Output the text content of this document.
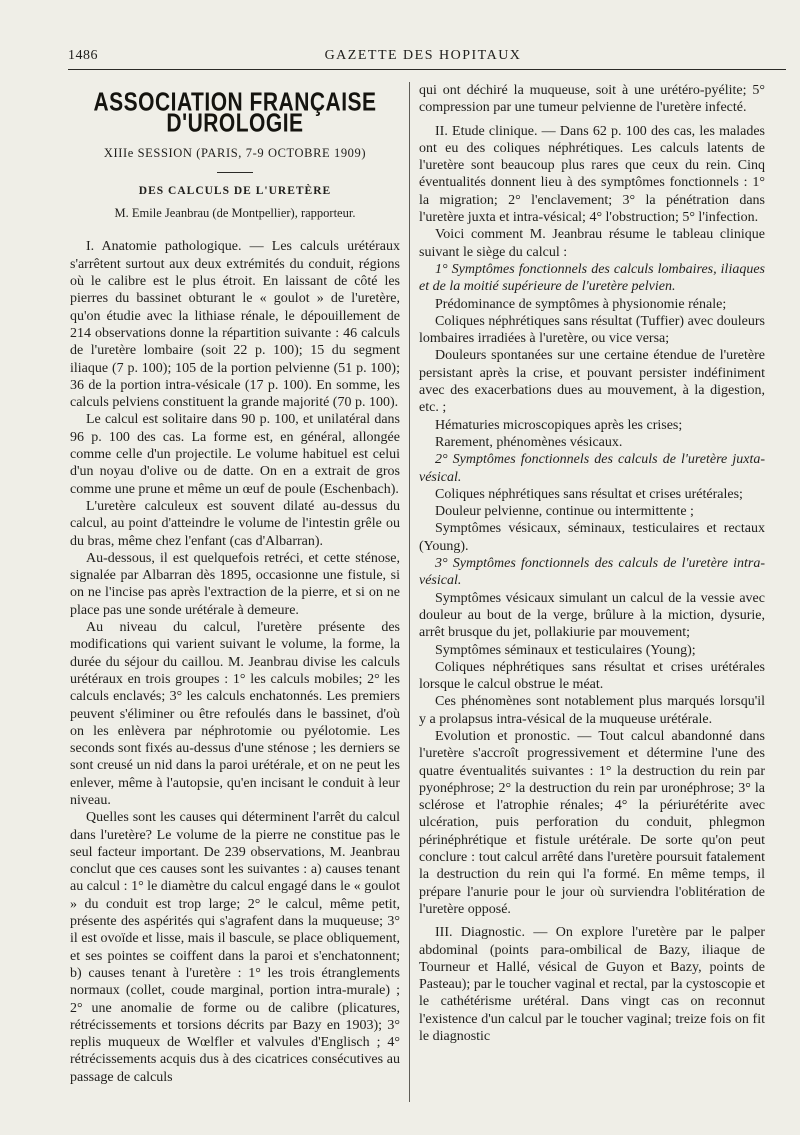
1486	GAZETTE DES HOPITAUX
ASSOCIATION FRANÇAISE D'UROLOGIE
XIIIe SESSION (PARIS, 7-9 OCTOBRE 1909)
DES CALCULS DE L'URETÈRE
M. Emile Jeanbrau (de Montpellier), rapporteur.

I. Anatomie pathologique. — Les calculs urétéraux s'arrêtent surtout aux deux extrémités du conduit, régions où le calibre est le plus étroit. En laissant de côté les pierres du bassinet obturant le « goulot » de l'uretère, qu'on étudie avec la lithiase rénale, le dépouillement de 214 observations donne la répartition suivante : 46 calculs de l'uretère lombaire (soit 22 p. 100); 15 du segment iliaque (7 p. 100); 105 de la portion pelvienne (51 p. 100); 36 de la portion intra-vésicale (17 p. 100). En somme, les calculs pelviens constituent la grande majorité (70 p. 100).

Le calcul est solitaire dans 90 p. 100, et unilatéral dans 96 p. 100 des cas. La forme est, en général, allongée comme celle d'un projectile. Le volume habituel est celui d'un noyau d'olive ou de datte. On en a extrait de gros comme une prune et même un œuf de poule (Eschenbach).

L'uretère calculeux est souvent dilaté au-dessus du calcul, au point d'atteindre le volume de l'intestin grêle ou du bras, même chez l'enfant (cas d'Albarran).

Au-dessous, il est quelquefois retréci, et cette sténose, signalée par Albarran dès 1895, occasionne une fistule, si on ne l'incise pas après l'extraction de la pierre, et si on ne place pas une sonde urétérale à demeure.

Au niveau du calcul, l'uretère présente des modifications qui varient suivant le volume, la forme, la durée du séjour du caillou. M. Jeanbrau divise les calculs urétéraux en trois groupes : 1° les calculs mobiles; 2° les calculs enclavés; 3° les calculs enchatonnés. Les premiers peuvent s'éliminer ou être refoulés dans le bassinet, d'où on les enlèvera par néphrotomie ou pyélotomie. Les seconds sont fixés au-dessus d'une sténose ; les derniers se sont creusé un nid dans la paroi urétérale, et on ne peut les enlever, même à l'autopsie, qu'en incisant le conduit à leur niveau.

Quelles sont les causes qui déterminent l'arrêt du calcul dans l'uretère? Le volume de la pierre ne constitue pas le seul facteur important. De 239 observations, M. Jeanbrau conclut que ces causes sont les suivantes : a) causes tenant au calcul : 1° le diamètre du calcul engagé dans le « goulot » du conduit est trop large; 2° le calcul, même petit, présente des aspérités qui s'agrafent dans la muqueuse; 3° il est ovoïde et lisse, mais il bascule, se place obliquement, et ses pointes se coiffent dans la paroi et s'enchatonnent; b) causes tenant à l'uretère : 1° les trois étranglements normaux (collet, coude marginal, portion intra-murale) ; 2° une anomalie de forme ou de calibre (plicatures, rétrécissements et torsions décrits par Bazy en 1903); 3° replis muqueux de Wœlfler et valvules d'Englisch ; 4° rétrécissements acquis dus à des cicatrices consécutives au passage de calculs

qui ont déchiré la muqueuse, soit à une urétéro-pyélite; 5° compression par une tumeur pelvienne de l'uretère infecté.

II. Etude clinique. — Dans 62 p. 100 des cas, les malades ont eu des coliques néphrétiques. Les calculs latents de l'uretère sont beaucoup plus rares que ceux du rein. Cinq éventualités donnent lieu à des symptômes fonctionnels : 1° la migration; 2° l'enclavement; 3° la pénétration dans l'uretère juxta et intra-vésical; 4° l'obstruction; 5° l'infection.

Voici comment M. Jeanbrau résume le tableau clinique suivant le siège du calcul :

1° Symptômes fonctionnels des calculs lombaires, iliaques et de la moitié supérieure de l'uretère pelvien.

Prédominance de symptômes à physionomie rénale;

Coliques néphrétiques sans résultat (Tuffier) avec douleurs lombaires irradiées à l'uretère, ou vice versa;

Douleurs spontanées sur une certaine étendue de l'uretère persistant après la crise, et pouvant persister indéfiniment avec des exacerbations dues au mouvement, à la digestion, etc. ;

Hématuries microscopiques après les crises;

Rarement, phénomènes vésicaux.

2° Symptômes fonctionnels des calculs de l'uretère juxta-vésical.

Coliques néphrétiques sans résultat et crises urétérales;

Douleur pelvienne, continue ou intermittente ;

Symptômes vésicaux, séminaux, testiculaires et rectaux (Young).

3° Symptômes fonctionnels des calculs de l'uretère intra-vésical.

Symptômes vésicaux simulant un calcul de la vessie avec douleur au bout de la verge, brûlure à la miction, dysurie, arrêt brusque du jet, pollakiurie par mouvement;

Symptômes séminaux et testiculaires (Young);

Coliques néphrétiques sans résultat et crises urétérales lorsque le calcul obstrue le méat.

Ces phénomènes sont notablement plus marqués lorsqu'il y a prolapsus intra-vésical de la muqueuse urétérale.

Evolution et pronostic. — Tout calcul abandonné dans l'uretère s'accroît progressivement et détermine l'une des quatre éventualités suivantes : 1° la destruction du rein par pyonéphrose; 2° la destruction du rein par uronéphrose; 3° la sclérose et l'atrophie rénales; 4° la périurétérite avec ulcération, puis perforation du conduit, phlegmon périnéphrétique et fistule urétérale. De sorte qu'on peut conclure : tout calcul arrêté dans l'uretère poursuit fatalement la destruction du rein qui l'a formé. En même temps, il prépare l'anurie pour le jour où surviendra l'oblitération de l'uretère opposé.

III. Diagnostic. — On explore l'uretère par le palper abdominal (points para-ombilical de Bazy, iliaque de Tourneur et Hallé, vésical de Guyon et Bazy, points de Pasteau); par le toucher vaginal et rectal, par la cystoscopie et le cathétérisme urétéral. Dans vingt cas on reconnut l'existence d'un calcul par le toucher vaginal; treize fois on fit le diagnostic
